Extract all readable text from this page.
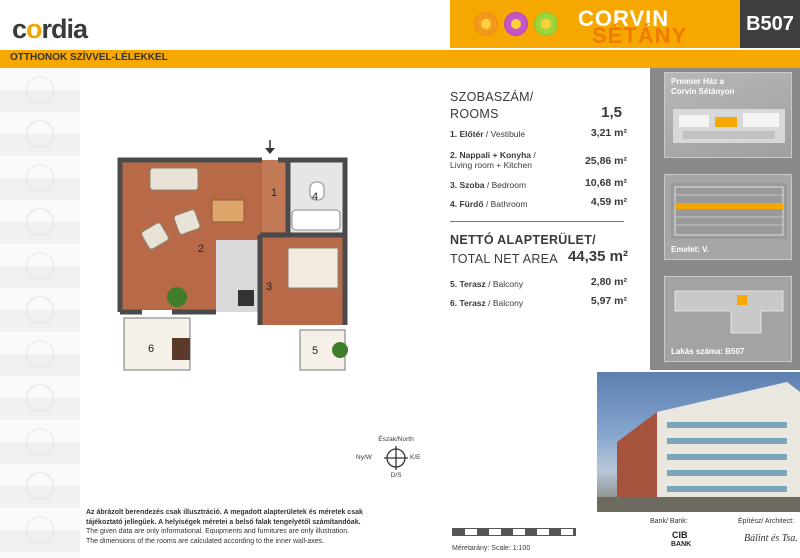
cordia	CORVIN
SÉTÁNY	B507
OTTHONOK SZÍVVEL-LÉLEKKEL
SZOBASZÁM/
ROOMS	1,5
1. Előtér / Vestibule	3,21 m²
2. Nappali + Konyha /
Living room + Kitchen	25,86 m²
3. Szoba / Bedroom	10,68 m²
4. Fürdő / Bathroom	4,59 m²
NETTÓ ALAPTERÜLET/
TOTAL NET AREA 44,35 m²
5. Terasz / Balcony	2,80 m²
6. Terasz / Balcony	5,97 m²
1
2
3
4
5
6
Észak/North
Ny/W	K/E
D/S
Az ábrázolt berendezés csak illusztráció. A megadott alapterületek és méretek csak
tájékoztató jellegűek. A helyiségek méretei a belső falak tengelyétől számítandóak.
The given data are only informational. Equipments and furnitures are only illustration.
The dimensions of the rooms are calculated according to the inner wall-axes.
Méretarány: Scale: 1:100
Premier Ház a
Corvin Sétányon
Emelet: V.
Lakás száma: B507
Bank/ Bank:
CIB
BANK
Építész/ Architect:
Bálint és Tsa.
